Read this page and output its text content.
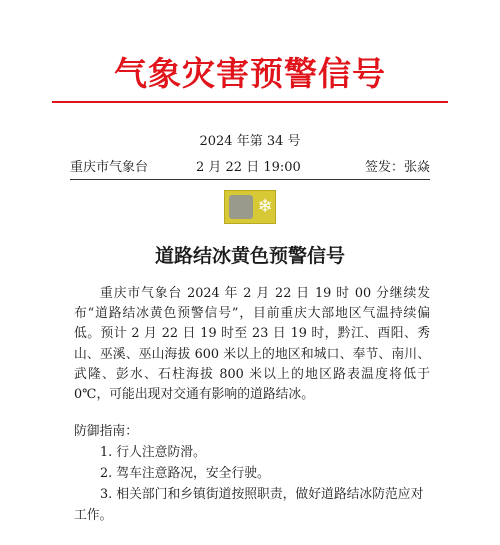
气象灾害预警信号
2024 年第 34 号
重庆市气象台	2 月 22 日 19:00	签发：张焱
❄
道路结冰黄色预警信号
重庆市气象台 2024 年 2 月 22 日 19 时 00 分继续发布“道路结冰黄色预警信号”，目前重庆大部地区气温持续偏低。预计 2 月 22 日 19 时至 23 日 19 时，黔江、酉阳、秀山、巫溪、巫山海拔 600 米以上的地区和城口、奉节、南川、武隆、彭水、石柱海拔 800 米以上的地区路表温度将低于 0℃，可能出现对交通有影响的道路结冰。
防御指南：
1. 行人注意防滑。
2. 驾车注意路况，安全行驶。
3. 相关部门和乡镇街道按照职责，做好道路结冰防范应对工作。
